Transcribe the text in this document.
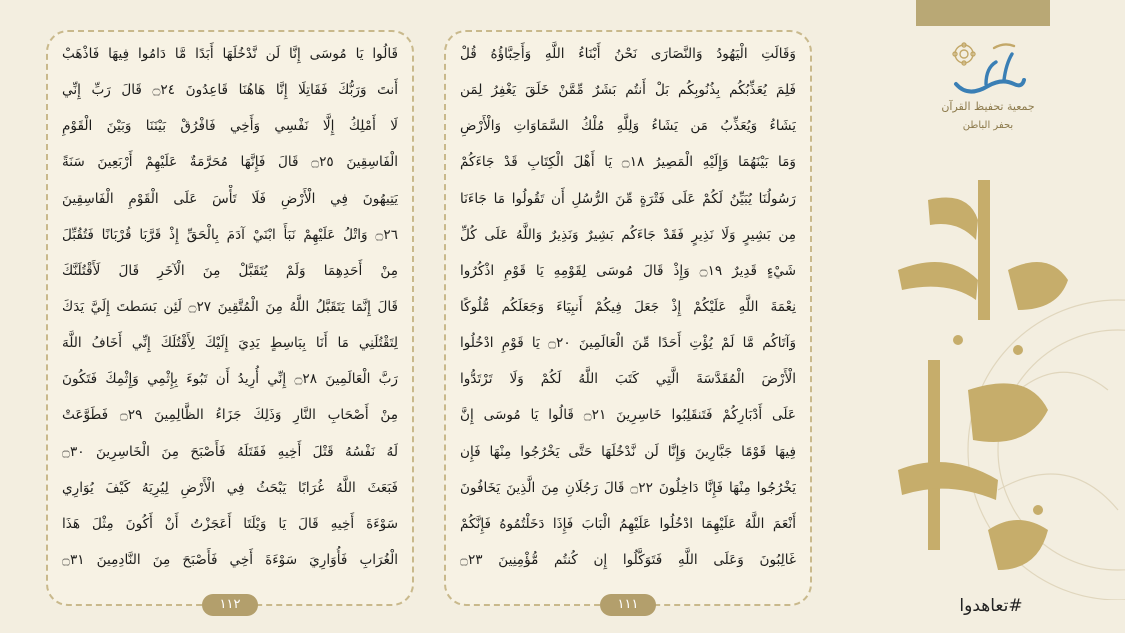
قَالُوا يَا مُوسَى إِنَّا لَن نَّدْخُلَهَا أَبَدًا مَّا دَامُوا فِيهَا فَاذْهَبْ
أَنتَ وَرَبُّكَ فَقَاتِلَا إِنَّا هَاهُنَا قَاعِدُونَ ۝٢٤ قَالَ رَبِّ إِنِّي
لَا أَمْلِكُ إِلَّا نَفْسِي وَأَخِي فَافْرُقْ بَيْنَنَا وَبَيْنَ الْقَوْمِ
الْفَاسِقِينَ ۝٢٥ قَالَ فَإِنَّهَا مُحَرَّمَةٌ عَلَيْهِمْ أَرْبَعِينَ سَنَةً
يَتِيهُونَ فِي الْأَرْضِ فَلَا تَأْسَ عَلَى الْقَوْمِ الْفَاسِقِينَ
۝٢٦ وَاتْلُ عَلَيْهِمْ نَبَأَ ابْنَيْ آدَمَ بِالْحَقِّ إِذْ قَرَّبَا قُرْبَانًا فَتُقُبِّلَ
مِنْ أَحَدِهِمَا وَلَمْ يُتَقَبَّلْ مِنَ الْآخَرِ قَالَ لَأَقْتُلَنَّكَ
قَالَ إِنَّمَا يَتَقَبَّلُ اللَّهُ مِنَ الْمُتَّقِينَ ۝٢٧ لَئِن بَسَطتَ إِلَيَّ يَدَكَ
لِتَقْتُلَنِي مَا أَنَا بِبَاسِطٍ يَدِيَ إِلَيْكَ لِأَقْتُلَكَ إِنِّي أَخَافُ اللَّهَ
رَبَّ الْعَالَمِينَ ۝٢٨ إِنِّي أُرِيدُ أَن تَبُوءَ بِإِثْمِي وَإِثْمِكَ فَتَكُونَ
مِنْ أَصْحَابِ النَّارِ وَذَلِكَ جَزَاءُ الظَّالِمِينَ ۝٢٩ فَطَوَّعَتْ
لَهُ نَفْسُهُ قَتْلَ أَخِيهِ فَقَتَلَهُ فَأَصْبَحَ مِنَ الْخَاسِرِينَ ۝٣٠
فَبَعَثَ اللَّهُ غُرَابًا يَبْحَثُ فِي الْأَرْضِ لِيُرِيَهُ كَيْفَ يُوَارِي
سَوْءَةَ أَخِيهِ قَالَ يَا وَيْلَتَا أَعَجَزْتُ أَنْ أَكُونَ مِثْلَ هَذَا
الْغُرَابِ فَأُوَارِيَ سَوْءَةَ أَخِي فَأَصْبَحَ مِنَ النَّادِمِينَ ۝٣١
١١٢
وَقَالَتِ الْيَهُودُ وَالنَّصَارَى نَحْنُ أَبْنَاءُ اللَّهِ وَأَحِبَّاؤُهُ قُلْ
فَلِمَ يُعَذِّبُكُم بِذُنُوبِكُم بَلْ أَنتُم بَشَرٌ مِّمَّنْ خَلَقَ يَغْفِرُ لِمَن
يَشَاءُ وَيُعَذِّبُ مَن يَشَاءُ وَلِلَّهِ مُلْكُ السَّمَاوَاتِ وَالْأَرْضِ
وَمَا بَيْنَهُمَا وَإِلَيْهِ الْمَصِيرُ ۝١٨ يَا أَهْلَ الْكِتَابِ قَدْ جَاءَكُمْ
رَسُولُنَا يُبَيِّنُ لَكُمْ عَلَى فَتْرَةٍ مِّنَ الرُّسُلِ أَن تَقُولُوا مَا جَاءَنَا
مِن بَشِيرٍ وَلَا نَذِيرٍ فَقَدْ جَاءَكُم بَشِيرٌ وَنَذِيرٌ وَاللَّهُ عَلَى كُلِّ
شَيْءٍ قَدِيرٌ ۝١٩ وَإِذْ قَالَ مُوسَى لِقَوْمِهِ يَا قَوْمِ اذْكُرُوا
نِعْمَةَ اللَّهِ عَلَيْكُمْ إِذْ جَعَلَ فِيكُمْ أَنبِيَاءَ وَجَعَلَكُم مُّلُوكًا
وَآتَاكُم مَّا لَمْ يُؤْتِ أَحَدًا مِّنَ الْعَالَمِينَ ۝٢٠ يَا قَوْمِ ادْخُلُوا
الْأَرْضَ الْمُقَدَّسَةَ الَّتِي كَتَبَ اللَّهُ لَكُمْ وَلَا تَرْتَدُّوا
عَلَى أَدْبَارِكُمْ فَتَنقَلِبُوا خَاسِرِينَ ۝٢١ قَالُوا يَا مُوسَى إِنَّ
فِيهَا قَوْمًا جَبَّارِينَ وَإِنَّا لَن نَّدْخُلَهَا حَتَّى يَخْرُجُوا مِنْهَا فَإِن
يَخْرُجُوا مِنْهَا فَإِنَّا دَاخِلُونَ ۝٢٢ قَالَ رَجُلَانِ مِنَ الَّذِينَ يَخَافُونَ
أَنْعَمَ اللَّهُ عَلَيْهِمَا ادْخُلُوا عَلَيْهِمُ الْبَابَ فَإِذَا دَخَلْتُمُوهُ فَإِنَّكُمْ
غَالِبُونَ وَعَلَى اللَّهِ فَتَوَكَّلُوا إِن كُنتُم مُّؤْمِنِينَ ۝٢٣
١١١
جمعية تحفيظ القرآن
بحفر الباطن
#تعاهدوا
